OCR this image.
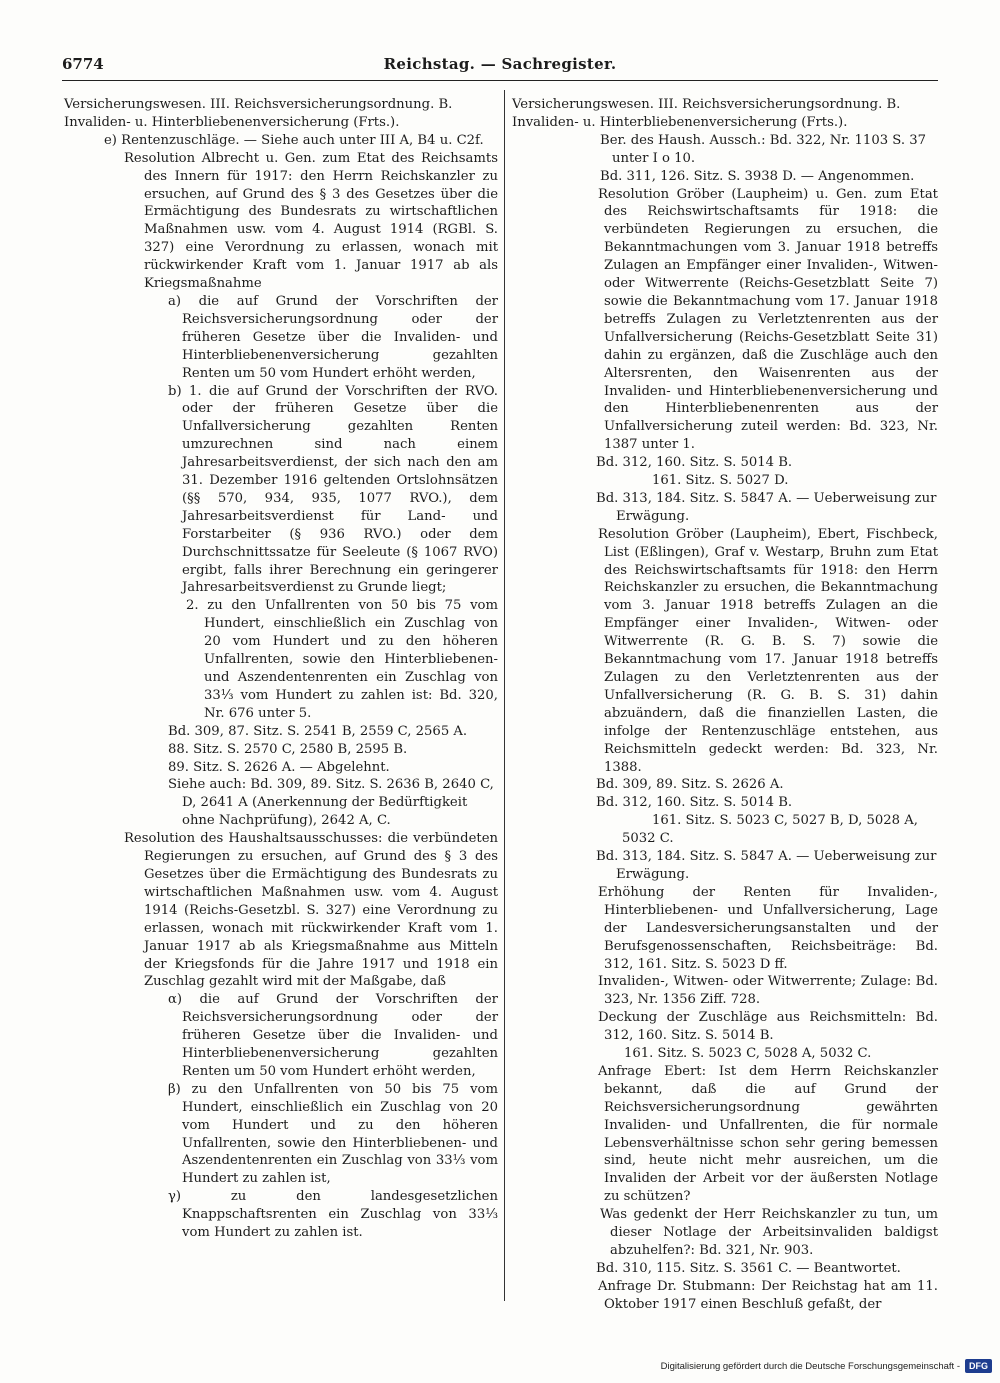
6774	Reichstag. — Sachregister.

Versicherungswesen. III. Reichsversicherungsordnung. B. Invaliden- u. Hinterbliebenenversicherung (Frts.).

e) Rentenzuschläge. — Siehe auch unter III A, B4 u. C2f.

Resolution Albrecht u. Gen. zum Etat des Reichsamts des Innern für 1917: den Herrn Reichskanzler zu ersuchen, auf Grund des § 3 des Gesetzes über die Ermächtigung des Bundesrats zu wirtschaftlichen Maßnahmen usw. vom 4. August 1914 (RGBl. S. 327) eine Verordnung zu erlassen, wonach mit rückwirkender Kraft vom 1. Januar 1917 ab als Kriegsmaßnahme

a) die auf Grund der Vorschriften der Reichsversicherungsordnung oder der früheren Gesetze über die Invaliden- und Hinterbliebenenversicherung gezahlten Renten um 50 vom Hundert erhöht werden,

b) 1. die auf Grund der Vorschriften der RVO. oder der früheren Gesetze über die Unfallversicherung gezahlten Renten umzurechnen sind nach einem Jahresarbeitsverdienst, der sich nach den am 31. Dezember 1916 geltenden Ortslohnsätzen (§§ 570, 934, 935, 1077 RVO.), dem Jahresarbeitsverdienst für Land- und Forstarbeiter (§ 936 RVO.) oder dem Durchschnittssatze für Seeleute (§ 1067 RVO) ergibt, falls ihrer Berechnung ein geringerer Jahresarbeitsverdienst zu Grunde liegt;

2. zu den Unfallrenten von 50 bis 75 vom Hundert, einschließlich ein Zuschlag von 20 vom Hundert und zu den höheren Unfallrenten, sowie den Hinterbliebenen- und Aszendentenrenten ein Zuschlag von 33⅓ vom Hundert zu zahlen ist: Bd. 320, Nr. 676 unter 5.

Bd. 309, 87. Sitz. S. 2541 B, 2559 C, 2565 A.

88. Sitz. S. 2570 C, 2580 B, 2595 B.

89. Sitz. S. 2626 A. — Abgelehnt.

Siehe auch: Bd. 309, 89. Sitz. S. 2636 B, 2640 C, D, 2641 A (Anerkennung der Bedürftigkeit ohne Nachprüfung), 2642 A, C.

Resolution des Haushaltsausschusses: die verbündeten Regierungen zu ersuchen, auf Grund des § 3 des Gesetzes über die Ermächtigung des Bundesrats zu wirtschaftlichen Maßnahmen usw. vom 4. August 1914 (Reichs-Gesetzbl. S. 327) eine Verordnung zu erlassen, wonach mit rückwirkender Kraft vom 1. Januar 1917 ab als Kriegsmaßnahme aus Mitteln der Kriegsfonds für die Jahre 1917 und 1918 ein Zuschlag gezahlt wird mit der Maßgabe, daß

α) die auf Grund der Vorschriften der Reichsversicherungsordnung oder der früheren Gesetze über die Invaliden- und Hinterbliebenenversicherung gezahlten Renten um 50 vom Hundert erhöht werden,

β) zu den Unfallrenten von 50 bis 75 vom Hundert, einschließlich ein Zuschlag von 20 vom Hundert und zu den höheren Unfallrenten, sowie den Hinterbliebenen- und Aszendentenrenten ein Zuschlag von 33⅓ vom Hundert zu zahlen ist,

γ) zu den landesgesetzlichen Knappschaftsrenten ein Zuschlag von 33⅓ vom Hundert zu zahlen ist.

Versicherungswesen. III. Reichsversicherungsordnung. B. Invaliden- u. Hinterbliebenenversicherung (Frts.).

Ber. des Haush. Aussch.: Bd. 322, Nr. 1103 S. 37 unter I o 10.

Bd. 311, 126. Sitz. S. 3938 D. — Angenommen.

Resolution Gröber (Laupheim) u. Gen. zum Etat des Reichswirtschaftsamts für 1918: die verbündeten Regierungen zu ersuchen, die Bekanntmachungen vom 3. Januar 1918 betreffs Zulagen an Empfänger einer Invaliden-, Witwen- oder Witwerrente (Reichs-Gesetzblatt Seite 7) sowie die Bekanntmachung vom 17. Januar 1918 betreffs Zulagen zu Verletztenrenten aus der Unfallversicherung (Reichs-Gesetzblatt Seite 31) dahin zu ergänzen, daß die Zuschläge auch den Altersrenten, den Waisenrenten aus der Invaliden- und Hinterbliebenenversicherung und den Hinterbliebenenrenten aus der Unfallversicherung zuteil werden: Bd. 323, Nr. 1387 unter 1.

Bd. 312, 160. Sitz. S. 5014 B.

161. Sitz. S. 5027 D.

Bd. 313, 184. Sitz. S. 5847 A. — Ueberweisung zur Erwägung.

Resolution Gröber (Laupheim), Ebert, Fischbeck, List (Eßlingen), Graf v. Westarp, Bruhn zum Etat des Reichswirtschaftsamts für 1918: den Herrn Reichskanzler zu ersuchen, die Bekanntmachung vom 3. Januar 1918 betreffs Zulagen an die Empfänger einer Invaliden-, Witwen- oder Witwerrente (R. G. B. S. 7) sowie die Bekanntmachung vom 17. Januar 1918 betreffs Zulagen zu den Verletztenrenten aus der Unfallversicherung (R. G. B. S. 31) dahin abzuändern, daß die finanziellen Lasten, die infolge der Rentenzuschläge entstehen, aus Reichsmitteln gedeckt werden: Bd. 323, Nr. 1388.

Bd. 309, 89. Sitz. S. 2626 A.

Bd. 312, 160. Sitz. S. 5014 B.

161. Sitz. S. 5023 C, 5027 B, D, 5028 A, 5032 C.

Bd. 313, 184. Sitz. S. 5847 A. — Ueberweisung zur Erwägung.

Erhöhung der Renten für Invaliden-, Hinterbliebenen- und Unfallversicherung, Lage der Landesversicherungsanstalten und der Berufsgenossenschaften, Reichsbeiträge: Bd. 312, 161. Sitz. S. 5023 D ff.

Invaliden-, Witwen- oder Witwerrente; Zulage: Bd. 323, Nr. 1356 Ziff. 728.

Deckung der Zuschläge aus Reichsmitteln: Bd. 312, 160. Sitz. S. 5014 B.

161. Sitz. S. 5023 C, 5028 A, 5032 C.

Anfrage Ebert: Ist dem Herrn Reichskanzler bekannt, daß die auf Grund der Reichsversicherungsordnung gewährten Invaliden- und Unfallrenten, die für normale Lebensverhältnisse schon sehr gering bemessen sind, heute nicht mehr ausreichen, um die Invaliden der Arbeit vor der äußersten Notlage zu schützen?

Was gedenkt der Herr Reichskanzler zu tun, um dieser Notlage der Arbeitsinvaliden baldigst abzuhelfen?: Bd. 321, Nr. 903.

Bd. 310, 115. Sitz. S. 3561 C. — Beantwortet.

Anfrage Dr. Stubmann: Der Reichstag hat am 11. Oktober 1917 einen Beschluß gefaßt, der

Digitalisierung gefördert durch die Deutsche Forschungsgemeinschaft -	DFG
